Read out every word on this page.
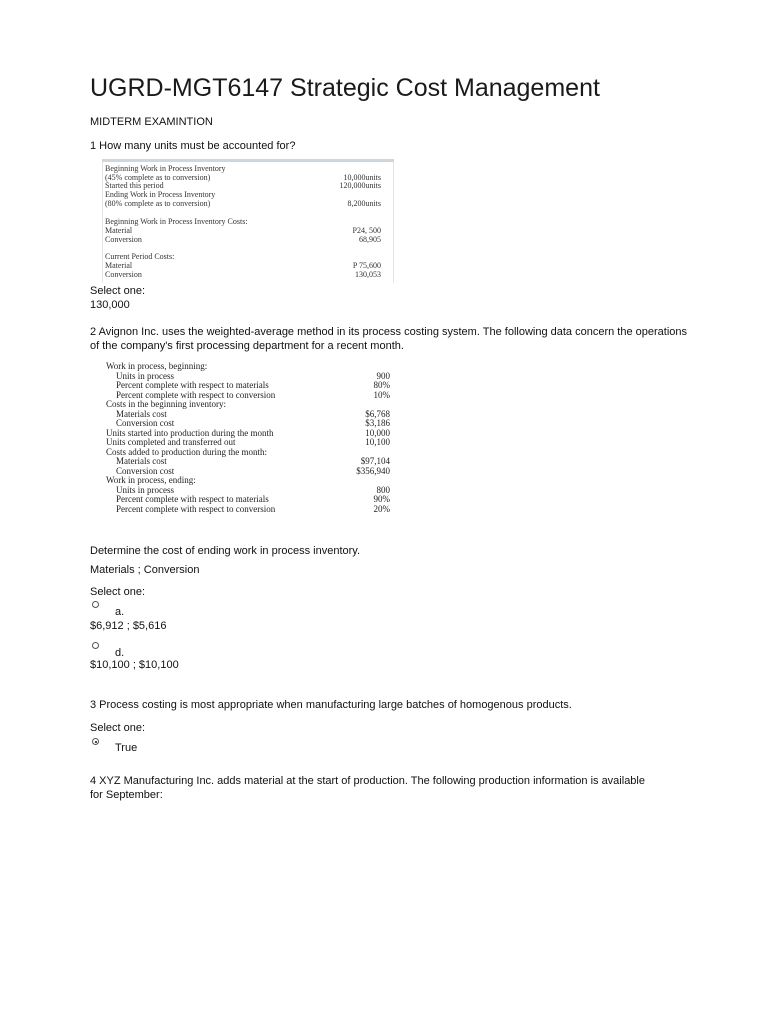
UGRD-MGT6147 Strategic Cost Management
MIDTERM EXAMINTION
1 How many units must be accounted for?
Beginning Work in Process Inventory
(45% complete as to conversion)	10,000units
Started this period	120,000units
Ending Work in Process Inventory
(80% complete as to conversion)	8,200units
Beginning Work in Process Inventory Costs:
Material	P24, 500
Conversion	68,905
Current Period Costs:
Material	P 75,600
Conversion	130,053
Select one:
130,000
2 Avignon Inc. uses the weighted-average method in its process costing system. The following data concern the operations of the company's first processing department for a recent month.
Work in process, beginning:
Units in process	900
Percent complete with respect to materials	80%
Percent complete with respect to conversion	10%
Costs in the beginning inventory:
Materials cost	$6,768
Conversion cost	$3,186
Units started into production during the month	10,000
Units completed and transferred out	10,100
Costs added to production during the month:
Materials cost	$97,104
Conversion cost	$356,940
Work in process, ending:
Units in process	800
Percent complete with respect to materials	90%
Percent complete with respect to conversion	20%
Determine the cost of ending work in process inventory.
Materials ; Conversion
Select one:
a.
$6,912 ; $5,616
d.
$10,100 ; $10,100
3 Process costing is most appropriate when manufacturing large batches of homogenous products.
Select one:
True
4 XYZ Manufacturing Inc. adds material at the start of production. The following production information is available for September:
